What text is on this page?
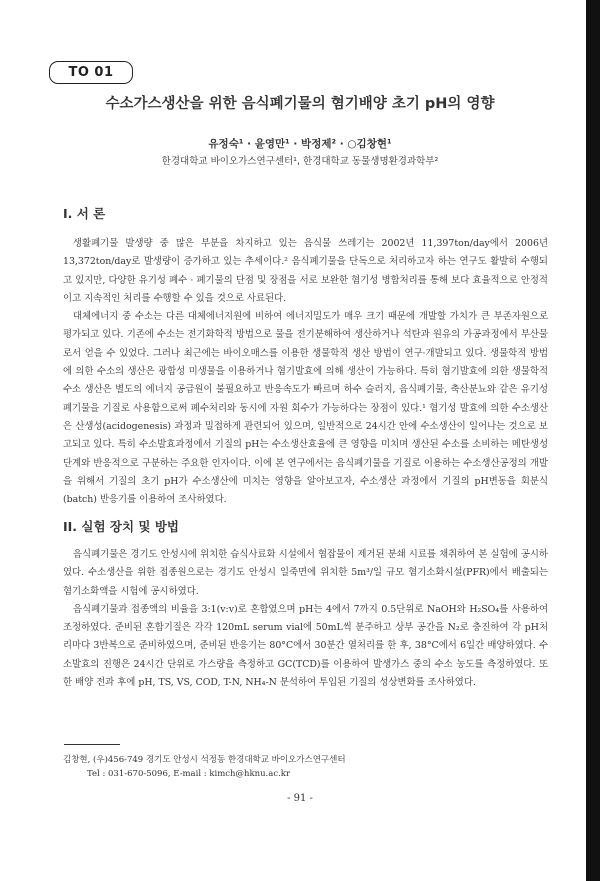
TO 01
수소가스생산을 위한 음식폐기물의 혐기배양 초기 pH의 영향
유정숙¹ · 윤영만¹ · 박정제² · ○김창현¹
한경대학교 바이오가스연구센터¹, 한경대학교 동물생명환경과학부²
I. 서 론

생활폐기물 발생량 중 많은 부분을 차지하고 있는 음식물 쓰레기는 2002년 11,397ton/day에서 2006년 13,372ton/day로 발생량이 증가하고 있는 추세이다.² 음식폐기물을 단독으로 처리하고자 하는 연구도 활발히 수행되고 있지만, 다양한 유기성 폐수 · 폐기물의 단점 및 장점을 서로 보완한 혐기성 병합처리를 통해 보다 효율적으로 안정적이고 지속적인 처리를 수행할 수 있을 것으로 사료된다.

대체에너지 중 수소는 다른 대체에너지원에 비하여 에너지밀도가 매우 크기 때문에 개발할 가치가 큰 부존자원으로 평가되고 있다. 기존에 수소는 전기화학적 방법으로 물을 전기분해하여 생산하거나 석탄과 원유의 가공과정에서 부산물로서 얻을 수 있었다. 그러나 최근에는 바이오매스를 이용한 생물학적 생산 방법이 연구·개발되고 있다. 생물학적 방법에 의한 수소의 생산은 광합성 미생물을 이용하거나 혐기발효에 의해 생산이 가능하다. 특히 혐기발효에 의한 생물학적 수소 생산은 별도의 에너지 공급원이 불필요하고 반응속도가 빠르며 하수 슬러지, 음식폐기물, 축산분뇨와 같은 유기성 폐기물을 기질로 사용함으로써 폐수처리와 동시에 자원 회수가 가능하다는 장점이 있다.¹ 혐기성 발효에 의한 수소생산은 산생성(acidogenesis) 과정과 밀접하게 관련되어 있으며, 일반적으로 24시간 안에 수소생산이 일어나는 것으로 보고되고 있다. 특히 수소발효과정에서 기질의 pH는 수소생산효율에 큰 영향을 미치며 생산된 수소를 소비하는 메탄생성단계와 반응적으로 구분하는 주요한 인자이다. 이에 본 연구에서는 음식폐기물을 기질로 이용하는 수소생산공정의 개발을 위해서 기질의 초기 pH가 수소생산에 미치는 영향을 알아보고자, 수소생산 과정에서 기질의 pH변동을 회분식(batch) 반응기를 이용하여 조사하였다.

II. 실험 장치 및 방법

음식폐기물은 경기도 안성시에 위치한 습식사료화 시설에서 협잡물이 제거된 분쇄 시료를 채취하여 본 실험에 공시하였다. 수소생산을 위한 접종원으로는 경기도 안성시 일죽면에 위치한 5m³/일 규모 혐기소화시설(PFR)에서 배출되는 혐기소화액을 시험에 공시하였다.

음식폐기물과 접종액의 비율을 3:1(v:v)로 혼합였으며 pH는 4에서 7까지 0.5단위로 NaOH와 H₂SO₄를 사용하여 조정하였다. 준비된 혼합기질은 각각 120mL serum vial에 50mL씩 분주하고 상부 공간을 N₂로 충진하여 각 pH처리마다 3반복으로 준비하였으며, 준비된 반응기는 80°C에서 30분간 열처리를 한 후, 38°C에서 6일간 배양하였다. 수소발효의 진행은 24시간 단위로 가스량을 측정하고 GC(TCD)를 이용하여 발생가스 중의 수소 농도를 측정하였다. 또한 배양 전과 후에 pH, TS, VS, COD, T-N, NH₄-N 분석하여 투입된 기질의 성상변화를 조사하였다.

김창현, (우)456-749 경기도 안성시 석정동 한경대학교 바이오가스연구센터
Tel : 031-670-5096, E-mail : kimch@hknu.ac.kr
- 91 -
